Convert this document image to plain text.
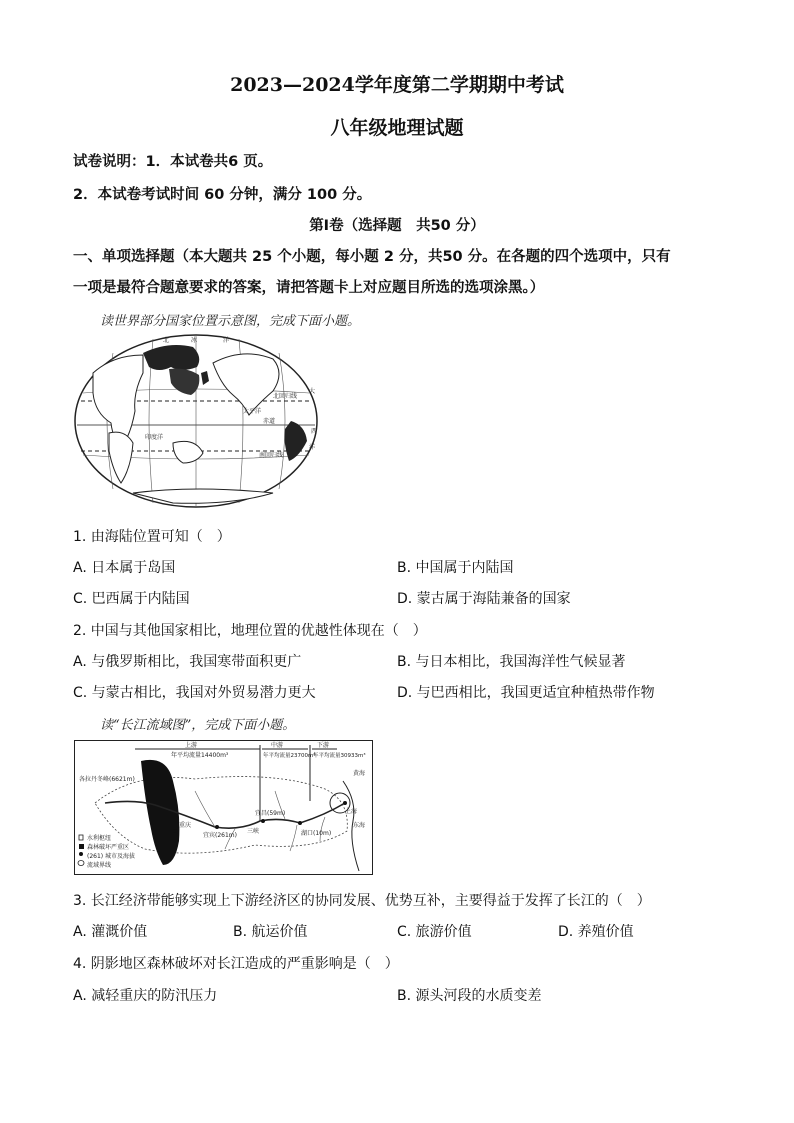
2023—2024学年度第二学期期中考试
八年级地理试题
试卷说明：1．本试卷共6 页。
2．本试卷考试时间 60 分钟，满分 100 分。
第Ⅰ卷（选择题　共50 分）
一、单项选择题（本大题共 25 个小题，每小题 2 分，共50 分。在各题的四个选项中，只有
一项是最符合题意要求的答案，请把答题卡上对应题目所选的选项涂黑。）
读世界部分国家位置示意图，完成下面小题。
北	冰	洋
北回归线
太平洋
赤道
印度洋
大
西
洋
南回归线
1. 由海陆位置可知（　）
A. 日本属于岛国	B. 中国属于内陆国
C. 巴西属于内陆国	D. 蒙古属于海陆兼备的国家
2. 中国与其他国家相比，地理位置的优越性体现在（　）
A. 与俄罗斯相比，我国寒带面积更广	B. 与日本相比，我国海洋性气候显著
C. 与蒙古相比，我国对外贸易潜力更大	D. 与巴西相比，我国更适宜种植热带作物
读“长江流域图”，完成下面小题。
水利枢纽
森林破坏严重区
(261) 城市及海拔
流域界线
上游	中游	下游
年平均流量14400m³	年平均流量23700m³
年平均流量30933m³
各拉丹冬峰(6621m)
宜宾(261m)
重庆
三峡
宜昌(59m)
湖口(10m)
上海
黄海
东海
3. 长江经济带能够实现上下游经济区的协同发展、优势互补，主要得益于发挥了长江的（　）
A. 灌溉价值	B. 航运价值	C. 旅游价值	D. 养殖价值
4. 阴影地区森林破坏对长江造成的严重影响是（　）
A. 减轻重庆的防汛压力	B. 源头河段的水质变差
